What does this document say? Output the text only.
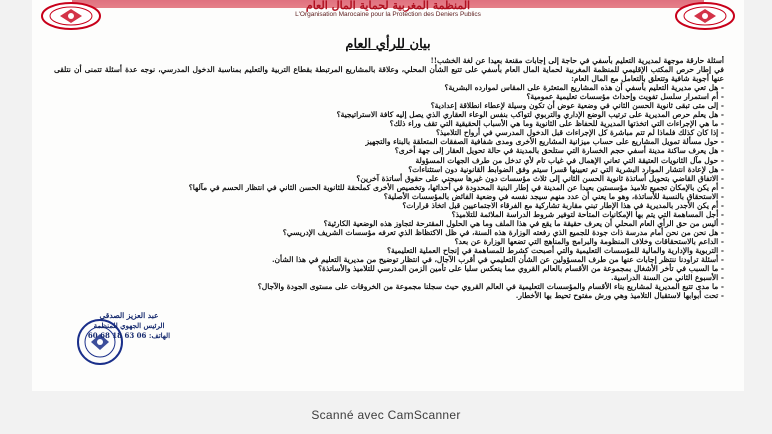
المنظمة المغربية لحماية المال العام
L'Organisation Marocaine pour la Protection des Deniers Publics
بيان للرأي العام

أسئلة حارقة موجهة لمديرية التعليم بأسفي في حاجة إلى إجابات مقنعة بعيدا عن لغة الخشب!!

في إطار حرص المكتب الإقليمي للمنظمة المغربية لحماية المال العام بأسفي على تتبع الشأن المحلي، وعلاقة بالمشاريع المرتبطة بقطاع التربية والتعليم بمناسبة الدخول المدرسي، نوجه عدة أسئلة تتمنى أن نتلقى عنها أجوبة شافية وتتعلق بالتعامل مع المال العام:

- هل تعي مديرية التعليم بأسفي أن هذه المشاريع المتعثرة على المقاس لموارده البشرية؟

- أم استمرار سلسل تفويت وإحداث مؤسسات تعليمية عمومية؟

- إلى متى تبقى ثانوية الحسن الثاني في وضعية عوض أن تكون وسيلة لإعطاء انطلاقة إعدادية؟

- هل يعلم حرص المديرية على ترتيب الوضع الإداري والتربوي لتواكب بنفس الوعاء العقاري الذي يصل إليه كافة الاستراتيجية؟

- ما هي الإجراءات التي اتخذتها المديرية للحفاظ على الثانوية وما هي الأسباب الحقيقية التي تقف وراء ذلك؟

- إذا كان كذلك فلماذا لم تتم مباشرة كل الإجراءات قبل الدخول المدرسي في أرواح التلاميذ؟

- حول مسألة تمويل المشاريع على حساب ميزانية المشاريع الأخرى ومدى شفافية الصفقات المتعلقة بالبناء والتجهيز

- هل يعرف ساكنة مدينة أسفي حجم الخسارة التي ستلحق بالمدينة في حالة تحويل العقار إلى جهة أخرى؟

- حول مآل الثانويات العتيقة التي تعاني الإهمال في غياب تام لأي تدخل من طرف الجهات المسؤولة

- هل لإعادة انتشار الموارد البشرية التي تم تعيينها قسرا سيتم وفق الضوابط القانونية دون استثناءات؟

- الاتفاق القاضي بتحويل أساتذة ثانوية الحسن الثاني إلى ثلاث مؤسسات دون غيرها سيجني على حقوق أساتذة آخرين؟

- أم يكن بالإمكان تجميع تلاميذ مؤسستين بعيدا عن المدينة في إطار البنية المحدودة في أحداثها، وتخصيص الأخرى كملحقة للثانوية الحسن الثاني في انتظار الحسم في مآلها؟

- الاستحقاق بالنسبة للأساتذة، وهو ما يعني أن عدد منهم سيجد نفسه في وضعية الفائض بالمؤسسات الأصلية؟

- أم يكن الأجدر بالمديرية في هذا الإطار تبني مقاربة تشاركية مع الفرقاء الاجتماعيين قبل اتخاذ قرارات؟

- أجل المساهمة التي يتم بها الإمكانيات المتاحة لتوفير شروط الدراسة الملائمة للتلاميذ؟

- أليس من حق الرأي العام المحلي أن يعرف حقيقة ما يقع في هذا الملف وما هي الحلول المقترحة لتجاوز هذه الوضعية الكارثية؟

- هل نحن من نحن أمام مدرسة ذات جودة للجميع الذي رفعته الوزارة هذه السنة، في ظل الاكتظاظ الذي تعرفه مؤسسات الشريف الإدريسي؟

- الداعم بالاستحقاقات وخلاف المنظومة والبرامج والمناهج التي تضعها الوزارة عن بعد؟

- التربوية والإدارية والمالية للمؤسسات التعليمية والتي أصبحت كشرط للمساهمة في إنجاح العملية التعليمية؟

- أسئلة تراودنا ننتظر إجابات عنها من طرف المسؤولين عن الشأن التعليمي في أقرب الآجال، في انتظار توضيح من مديرية التعليم في هذا الشأن.

- ما السبب في تأخر الأشغال بمجموعة من الأقسام بالعالم القروي مما ينعكس سلبا على تأمين الزمن المدرسي للتلاميذ والأساتذة؟

- الأسبوع الثاني من السنة الدراسية.

- ما مدى تتبع المديرية لمشاريع بناء الأقسام والمؤسسات التعليمية في العالم القروي حيث سجلنا مجموعة من الخروقات على مستوى الجودة والآجال؟

- تحت أبوابها لاستقبال التلاميذ وهي ورش مفتوح تحيط بها الأخطار.

عبد العزيز الصدقي
الرئيس الجهوي للمنظمة
الهاتف: 06 63 18 68 60
Scanné avec CamScanner
